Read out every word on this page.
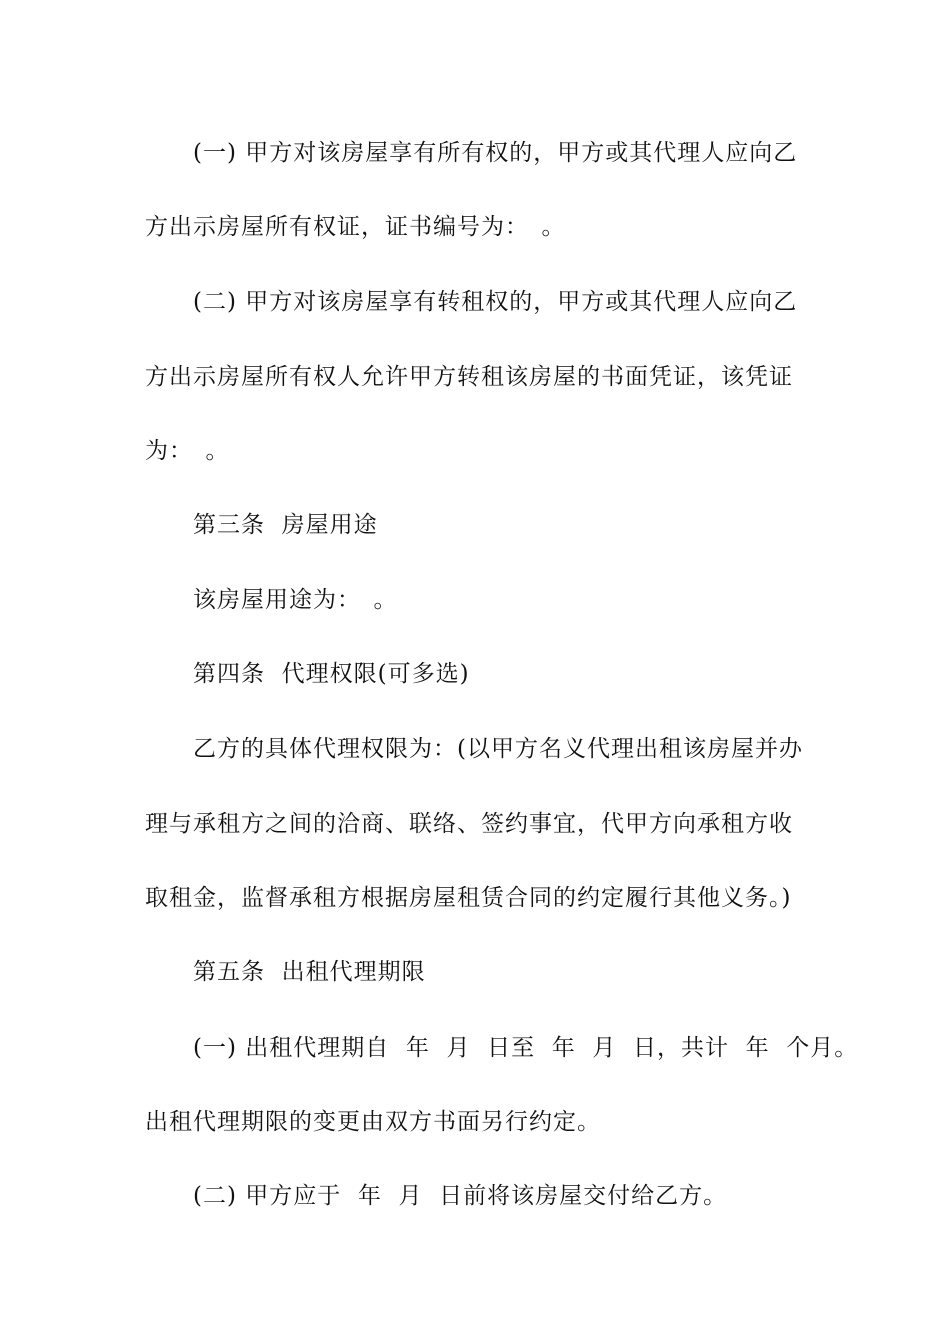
(一) 甲方对该房屋享有所有权的，甲方或其代理人应向乙
方出示房屋所有权证，证书编号为：　。
(二) 甲方对该房屋享有转租权的，甲方或其代理人应向乙
方出示房屋所有权人允许甲方转租该房屋的书面凭证，该凭证
为：　。
第三条  房屋用途
该房屋用途为：　。
第四条  代理权限(可多选)
乙方的具体代理权限为：(以甲方名义代理出租该房屋并办
理与承租方之间的洽商、联络、签约事宜，代甲方向承租方收
取租金，监督承租方根据房屋租赁合同的约定履行其他义务。)
第五条  出租代理期限
(一) 出租代理期自  年  月  日至  年  月  日，共计  年  个月。
出租代理期限的变更由双方书面另行约定。
(二) 甲方应于  年  月  日前将该房屋交付给乙方。
